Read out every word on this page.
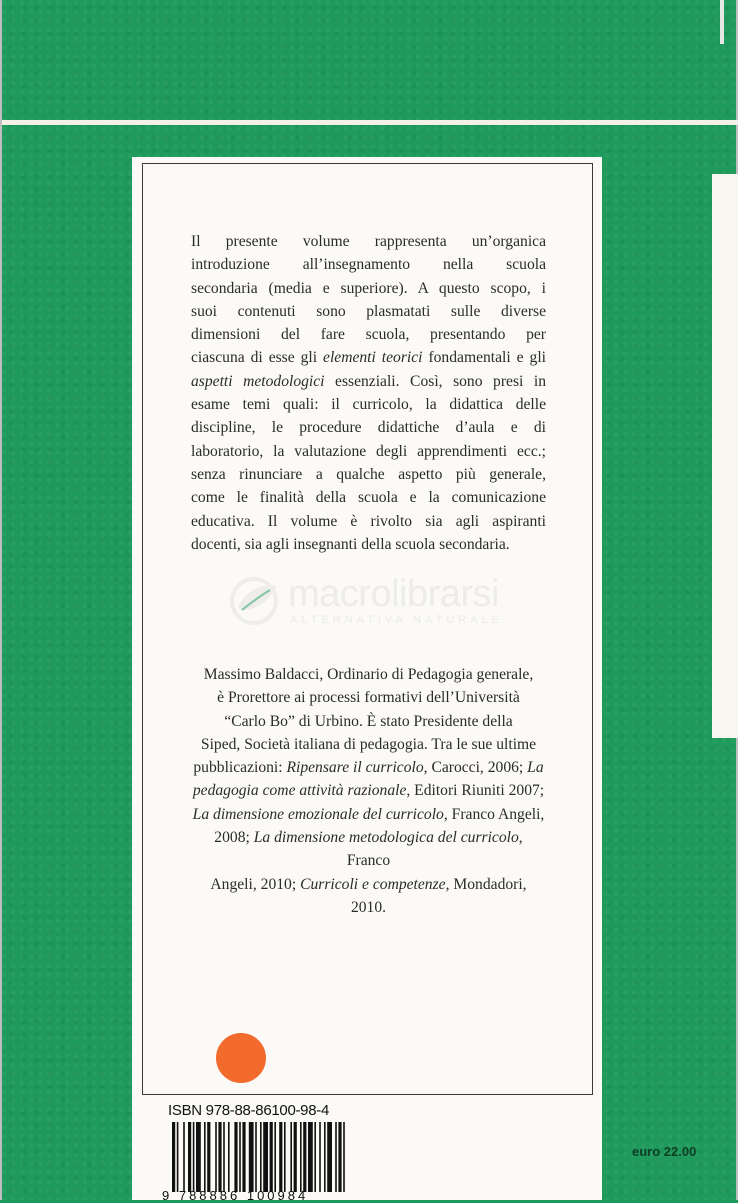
Il presente volume rappresenta un’organica
introduzione all’insegnamento nella scuola
secondaria (media e superiore). A questo scopo, i
suoi contenuti sono plasmatati sulle diverse
dimensioni del fare scuola, presentando per
ciascuna di esse gli elementi teorici fondamentali e gli
aspetti metodologici essenziali. Così, sono presi in
esame temi quali: il curricolo, la didattica delle
discipline, le procedure didattiche d’aula e di
laboratorio, la valutazione degli apprendimenti ecc.;
senza rinunciare a qualche aspetto più generale,
come le finalità della scuola e la comunicazione
educativa. Il volume è rivolto sia agli aspiranti
docenti, sia agli insegnanti della scuola secondaria.
macrolibrarsi
ALTERNATIVA NATURALE
Massimo Baldacci, Ordinario di Pedagogia generale,
è Prorettore ai processi formativi dell’Università
“Carlo Bo” di Urbino. È stato Presidente della
Siped, Società italiana di pedagogia. Tra le sue ultime
pubblicazioni: Ripensare il curricolo, Carocci, 2006; La
pedagogia come attività razionale, Editori Riuniti 2007;
La dimensione emozionale del curricolo, Franco Angeli,
2008; La dimensione metodologica del curricolo, Franco
Angeli, 2010; Curricoli e competenze, Mondadori, 2010.
ISBN 978-88-86100-98-4
9 788886 100984
euro 22.00
